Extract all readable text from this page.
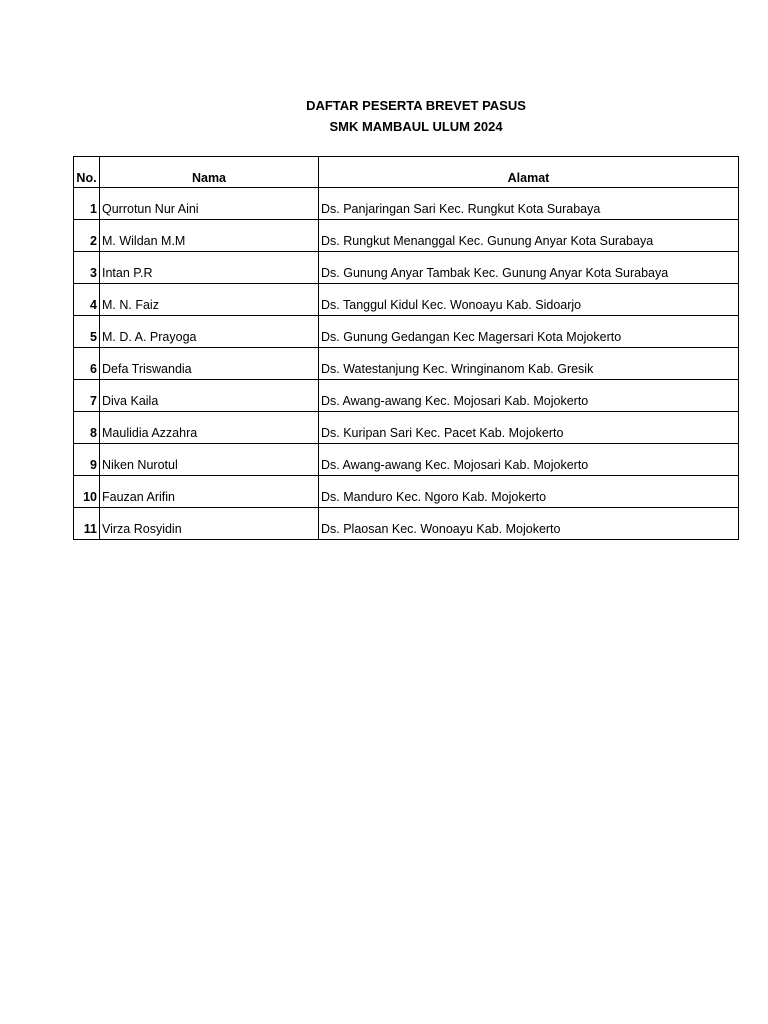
DAFTAR PESERTA BREVET PASUS
SMK MAMBAUL ULUM 2024
No.	Nama	Alamat
1	Qurrotun Nur Aini	Ds. Panjaringan Sari Kec. Rungkut Kota Surabaya
2	M. Wildan M.M	Ds. Rungkut Menanggal Kec. Gunung Anyar Kota Surabaya
3	Intan P.R	Ds. Gunung Anyar Tambak Kec. Gunung Anyar Kota Surabaya
4	M. N. Faiz	Ds. Tanggul Kidul Kec. Wonoayu Kab. Sidoarjo
5	M. D. A. Prayoga	Ds. Gunung Gedangan Kec Magersari Kota Mojokerto
6	Defa Triswandia	Ds. Watestanjung Kec. Wringinanom Kab. Gresik
7	Diva Kaila	Ds. Awang-awang Kec. Mojosari Kab. Mojokerto
8	Maulidia Azzahra	Ds. Kuripan Sari Kec. Pacet Kab. Mojokerto
9	Niken Nurotul	Ds. Awang-awang Kec. Mojosari Kab. Mojokerto
10	Fauzan Arifin	Ds. Manduro Kec. Ngoro Kab. Mojokerto
11	Virza Rosyidin	Ds. Plaosan Kec. Wonoayu Kab. Mojokerto
